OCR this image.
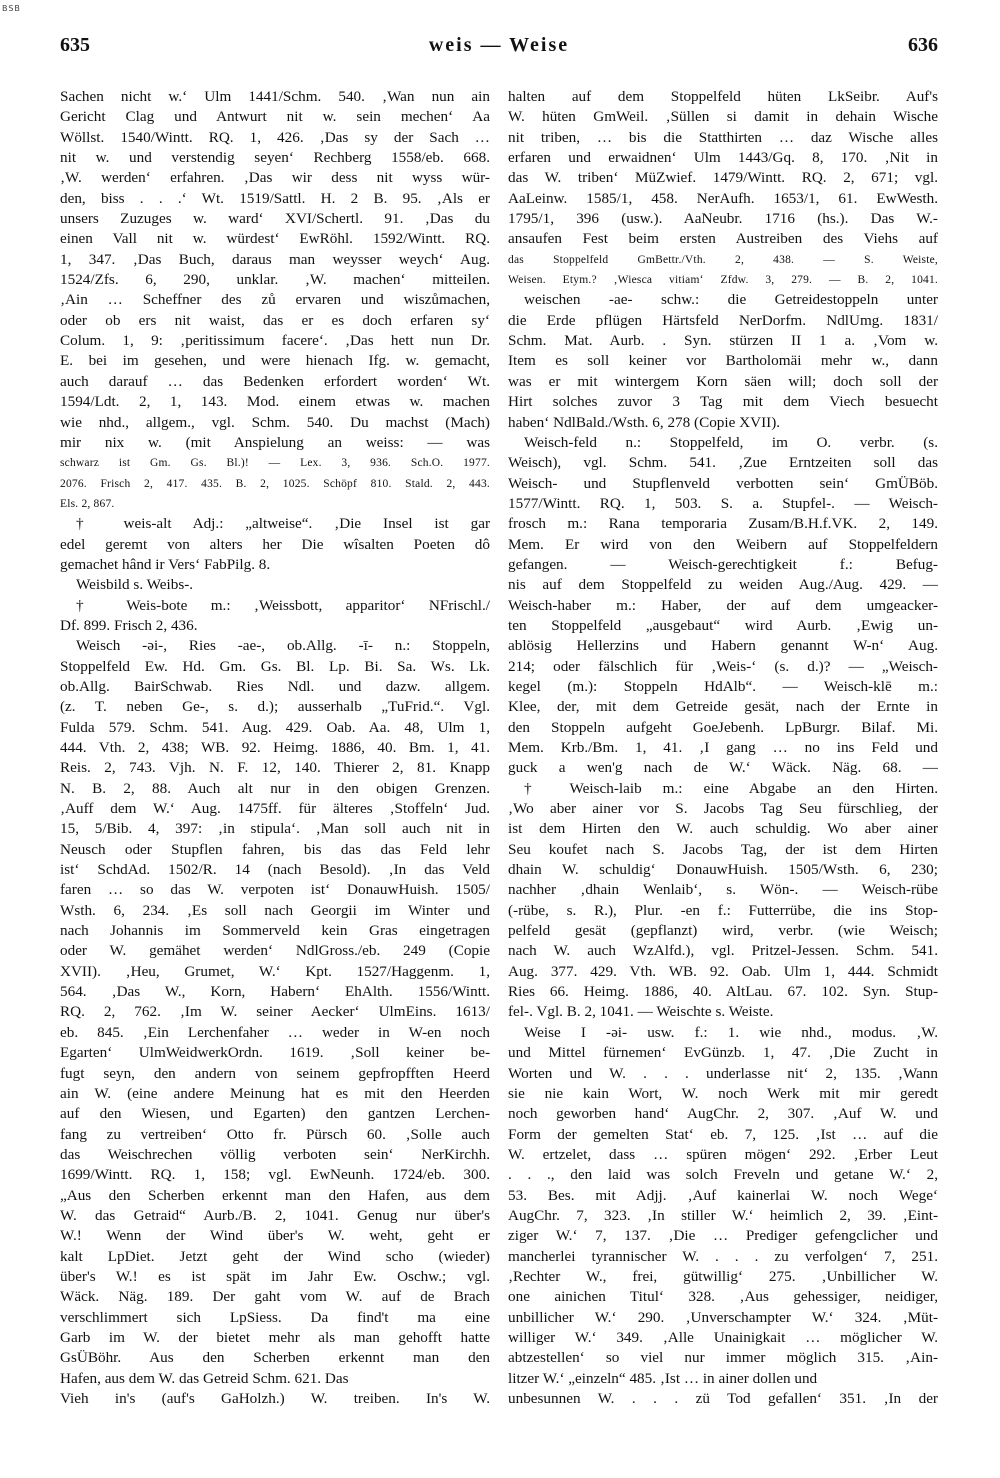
BSB
635	weis — Weise	636
Sachen nicht w.‘ Ulm 1441/Schm. 540. ‚Wan nun ain
Gericht Clag und Antwurt nit w. sein mechen‘ Aa
Wöllst. 1540/Wintt. RQ. 1, 426. ‚Das sy der Sach …
nit w. und verstendig seyen‘ Rechberg 1558/eb. 668.
‚W. werden‘ erfahren. ‚Das wir dess nit wyss wür-
den, biss . . .‘ Wt. 1519/Sattl. H. 2 B. 95. ‚Als er
unsers Zuzuges w. ward‘ XVI/Schertl. 91. ‚Das du
einen Vall nit w. würdest‘ EwRöhl. 1592/Wintt. RQ.
1, 347. ‚Das Buch, daraus man weysser weych‘ Aug.
1524/Zfs. 6, 290, unklar. ‚W. machen‘ mitteilen.
‚Ain … Scheffner des zů ervaren und wiszůmachen,
oder ob ers nit waist, das er es doch erfaren sy‘
Colum. 1, 9: ‚peritissimum facere‘. ‚Das hett nun Dr.
E. bei im gesehen, und were hienach Ifg. w. gemacht,
auch darauf … das Bedenken erfordert worden‘ Wt.
1594/Ldt. 2, 1, 143. Mod. einem etwas w. machen
wie nhd., allgem., vgl. Schm. 540. Du machst (Mach)
mir nix w. (mit Anspielung an weiss: — was
schwarz ist Gm. Gs. Bl.)! — Lex. 3, 936. Sch.O. 1977.
2076. Frisch 2, 417. 435. B. 2, 1025. Schöpf 810. Stald. 2, 443.
Els. 2, 867.
† weis-alt Adj.: „altweise“. ‚Die Insel ist gar
edel geremt von alters her Die wîsalten Poeten dô
gemachet hând ir Vers‘ FabPilg. 8.
Weisbild s. Weibs-.
† Weis-bote m.: ‚Weissbott, apparitor‘ NFrischl./
Df. 899. Frisch 2, 436.
Weisch -əi-, Ries -ae-, ob.Allg. -ī- n.: Stoppeln,
Stoppelfeld Ew. Hd. Gm. Gs. Bl. Lp. Bi. Sa. Ws. Lk.
ob.Allg. BairSchwab. Ries Ndl. und dazw. allgem.
(z. T. neben Ge-, s. d.); ausserhalb „TuFrid.“. Vgl.
Fulda 579. Schm. 541. Aug. 429. Oab. Aa. 48, Ulm 1,
444. Vth. 2, 438; WB. 92. Heimg. 1886, 40. Bm. 1, 41.
Reis. 2, 743. Vjh. N. F. 12, 140. Thierer 2, 81. Knapp
N. B. 2, 88. Auch alt nur in den obigen Grenzen.
‚Auff dem W.‘ Aug. 1475ff. für älteres ‚Stoffeln‘ Jud.
15, 5/Bib. 4, 397: ‚in stipula‘. ‚Man soll auch nit in
Neusch oder Stupflen fahren, bis das das Feld lehr
ist‘ SchdAd. 1502/R. 14 (nach Besold). ‚In das Veld
faren … so das W. verpoten ist‘ DonauwHuish. 1505/
Wsth. 6, 234. ‚Es soll nach Georgii im Winter und
nach Johannis im Sommerveld kein Gras eingetragen
oder W. gemähet werden‘ NdlGross./eb. 249 (Copie
XVII). ‚Heu, Grumet, W.‘ Kpt. 1527/Haggenm. 1,
564. ‚Das W., Korn, Habern‘ EhAlth. 1556/Wintt.
RQ. 2, 762. ‚Im W. seiner Aecker‘ UlmEins. 1613/
eb. 845. ‚Ein Lerchenfaher … weder in W-en noch
Egarten‘ UlmWeidwerkOrdn. 1619. ‚Soll keiner be-
fugt seyn, den andern von seinem gepfropfften Heerd
ain W. (eine andere Meinung hat es mit den Heerden
auf den Wiesen, und Egarten) den gantzen Lerchen-
fang zu vertreiben‘ Otto fr. Pürsch 60. ‚Solle auch
das Weischrechen völlig verboten sein‘ NerKirchh.
1699/Wintt. RQ. 1, 158; vgl. EwNeunh. 1724/eb. 300.
„Aus den Scherben erkennt man den Hafen, aus dem
W. das Getraid“ Aurb./B. 2, 1041. Genug nur über's
W.! Wenn der Wind über's W. weht, geht er
kalt LpDiet. Jetzt geht der Wind scho (wieder)
über's W.! es ist spät im Jahr Ew. Oschw.; vgl.
Wäck. Näg. 189. Der gaht vom W. auf de Brach
verschlimmert sich LpSiess. Da find't ma eine
Garb im W. der bietet mehr als man gehofft hatte
GsÜBöhr. Aus den Scherben erkennt man den
Hafen, aus dem W. das Getreid Schm. 621. Das
Vieh in's (auf's GaHolzh.) W. treiben. In's W.
halten auf dem Stoppelfeld hüten LkSeibr. Auf's
W. hüten GmWeil. ‚Süllen si damit in dehain Wische
nit triben, … bis die Statthirten … daz Wische alles
erfaren und erwaidnen‘ Ulm 1443/Gq. 8, 170. ‚Nit in
das W. triben‘ MüZwief. 1479/Wintt. RQ. 2, 671; vgl.
AaLeinw. 1585/1, 458. NerAufh. 1653/1, 61. EwWesth.
1795/1, 396 (usw.). AaNeubr. 1716 (hs.). Das W.-
ansaufen Fest beim ersten Austreiben des Viehs auf
das Stoppelfeld GmBettr./Vth. 2, 438. — S. Weiste,
Weisen. Etym.? ‚Wiesca vitiam‘ Zfdw. 3, 279. — B. 2, 1041.
weischen -ae- schw.: die Getreidestoppeln unter
die Erde pflügen Härtsfeld NerDorfm. NdlUmg. 1831/
Schm. Mat. Aurb. . Syn. stürzen II 1 a. ‚Vom w.
Item es soll keiner vor Bartholomäi mehr w., dann
was er mit wintergem Korn säen will; doch soll der
Hirt solches zuvor 3 Tag mit dem Viech besuecht
haben‘ NdlBald./Wsth. 6, 278 (Copie XVII).
Weisch-feld n.: Stoppelfeld, im O. verbr. (s.
Weisch), vgl. Schm. 541. ‚Zue Erntzeiten soll das
Weisch- und Stupflenveld verbotten sein‘ GmÜBöb.
1577/Wintt. RQ. 1, 503. S. a. Stupfel-. — Weisch-
frosch m.: Rana temporaria Zusam/B.H.f.VK. 2, 149.
Mem. Er wird von den Weibern auf Stoppelfeldern
gefangen. — Weisch-gerechtigkeit f.: Befug-
nis auf dem Stoppelfeld zu weiden Aug./Aug. 429. —
Weisch-haber m.: Haber, der auf dem umgeacker-
ten Stoppelfeld „ausgebaut“ wird Aurb. ‚Ewig un-
ablösig Hellerzins und Habern genannt W-n‘ Aug.
214; oder fälschlich für ‚Weis-‘ (s. d.)? — „Weisch-
kegel (m.): Stoppeln HdAlb“. — Weisch-klē m.:
Klee, der, mit dem Getreide gesät, nach der Ernte in
den Stoppeln aufgeht GoeJebenh. LpBurgr. Bilaf. Mi.
Mem. Krb./Bm. 1, 41. ‚I gang … no ins Feld und
guck a wen'g nach de W.‘ Wäck. Näg. 68. —
† Weisch-laib m.: eine Abgabe an den Hirten.
‚Wo aber ainer vor S. Jacobs Tag Seu fürschlieg, der
ist dem Hirten den W. auch schuldig. Wo aber ainer
Seu koufet nach S. Jacobs Tag, der ist dem Hirten
dhain W. schuldig‘ DonauwHuish. 1505/Wsth. 6, 230;
nachher ‚dhain Wenlaib‘, s. Wön-. — Weisch-rübe
(-rübe, s. R.), Plur. -en f.: Futterrübe, die ins Stop-
pelfeld gesät (gepflanzt) wird, verbr. (wie Weisch;
nach W. auch WzAlfd.), vgl. Pritzel-Jessen. Schm. 541.
Aug. 377. 429. Vth. WB. 92. Oab. Ulm 1, 444. Schmidt
Ries 66. Heimg. 1886, 40. AltLau. 67. 102. Syn. Stup-
fel-. Vgl. B. 2, 1041. — Weischte s. Weiste.
Weise I -əi- usw. f.: 1. wie nhd., modus. ‚W.
und Mittel fürnemen‘ EvGünzb. 1, 47. ‚Die Zucht in
Worten und W. . . . underlasse nit‘ 2, 135. ‚Wann
sie nie kain Wort, W. noch Werk mit mir geredt
noch geworben hand‘ AugChr. 2, 307. ‚Auf W. und
Form der gemelten Stat‘ eb. 7, 125. ‚Ist … auf die
W. ertzelet, dass … spüren mögen‘ 292. ‚Erber Leut
. . ., den laid was solch Freveln und getane W.‘ 2,
53. Bes. mit Adjj. ‚Auf kainerlai W. noch Wege‘
AugChr. 7, 323. ‚In stiller W.‘ heimlich 2, 39. ‚Eint-
ziger W.‘ 7, 137. ‚Die … Prediger gefengclicher und
mancherlei tyrannischer W. . . . zu verfolgen‘ 7, 251.
‚Rechter W., frei, gütwillig‘ 275. ‚Unbillicher W.
one ainichen Titul‘ 328. ‚Aus gehessiger, neidiger,
unbillicher W.‘ 290. ‚Unverschampter W.‘ 324. ‚Müt-
williger W.‘ 349. ‚Alle Unainigkait … möglicher W.
abtzestellen‘ so viel nur immer möglich 315. ‚Ain-
litzer W.‘ „einzeln“ 485. ‚Ist … in ainer dollen und
unbesunnen W. . . . zü Tod gefallen‘ 351. ‚In der
